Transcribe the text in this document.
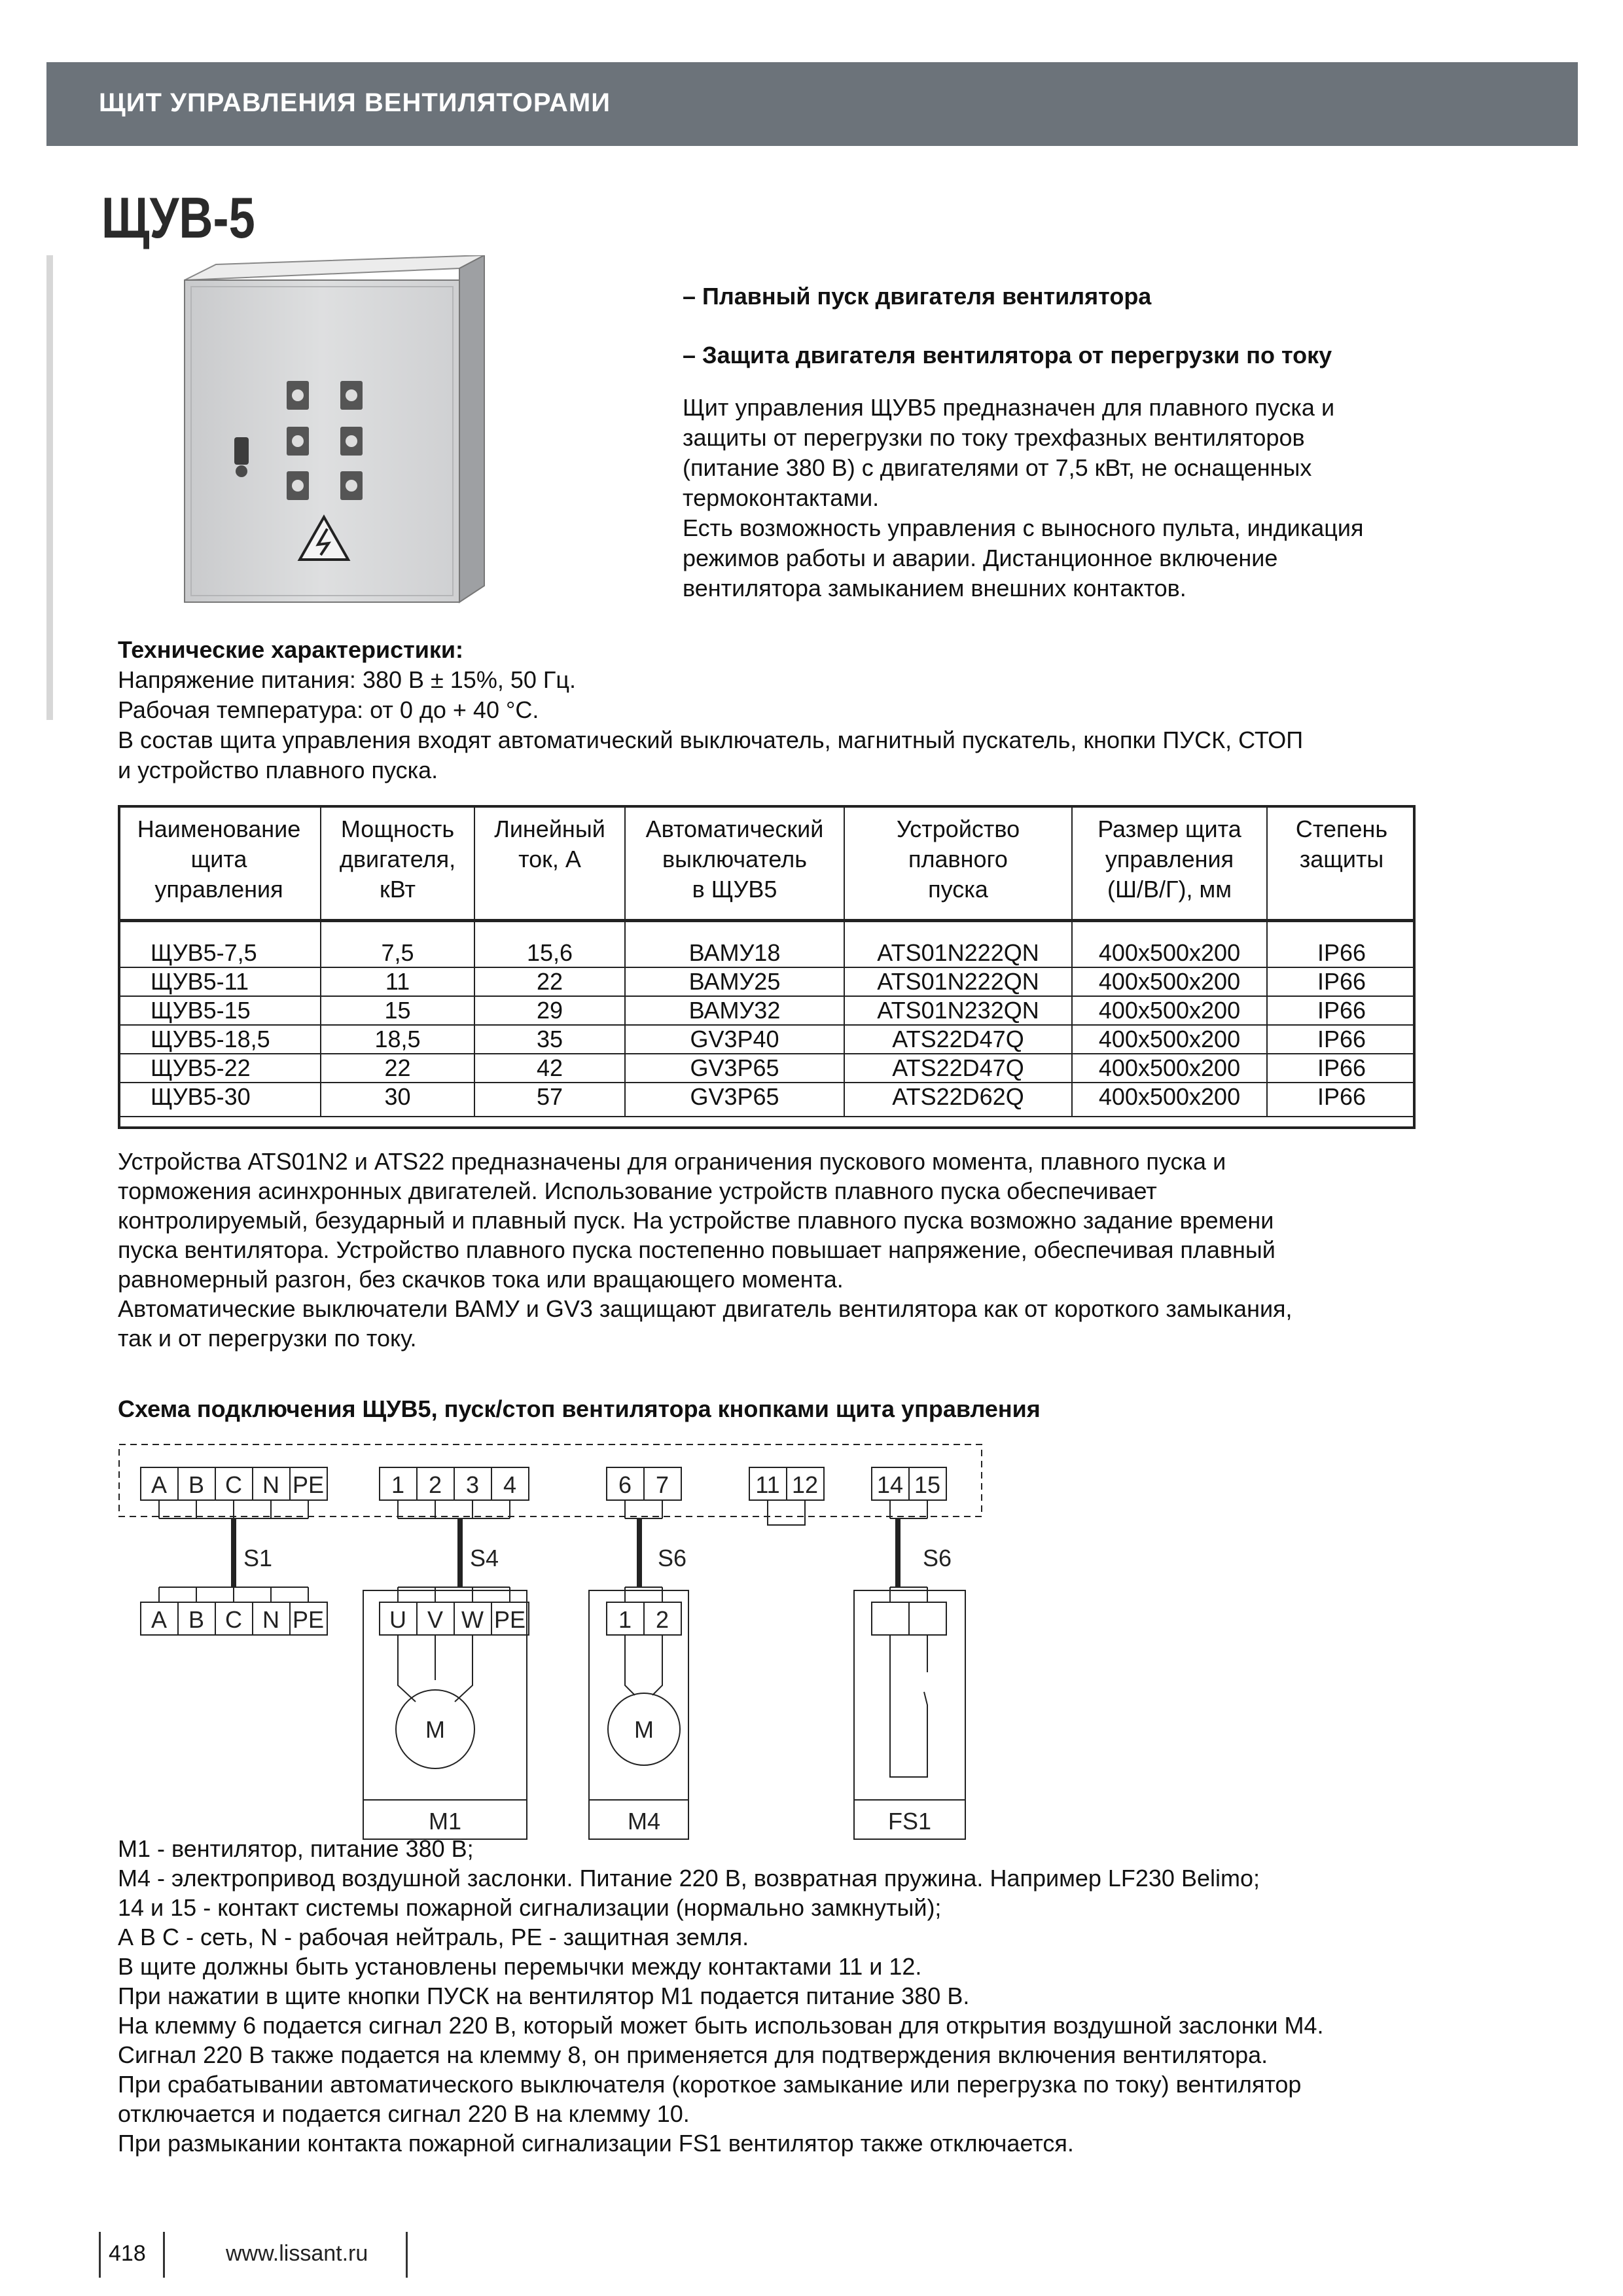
ЩИТ УПРАВЛЕНИЯ ВЕНТИЛЯТОРАМИ
ЩУВ-5
– Плавный пуск двигателя вентилятора
– Защита двигателя вентилятора от перегрузки по току

Щит управления ЩУВ5 предназначен для плавного пуска и

защиты от перегрузки по току трехфазных вентиляторов

(питание 380 В) с двигателями от 7,5 кВт, не оснащенных

термоконтактами.

Есть возможность управления с выносного пульта, индикация

режимов работы и аварии. Дистанционное включение

вентилятора замыканием внешних контактов.

Технические характеристики:

Напряжение питания: 380 В ± 15%, 50 Гц.

Рабочая температура: от 0 до + 40 °С.

В состав щита управления входят автоматический выключатель, магнитный пускатель, кнопки ПУСК, СТОП

и устройство плавного пуска.

Наименование
щита
управления	Мощность
двигателя,
кВт	Линейный
ток, А	Автоматический
выключатель
в ЩУВ5	Устройство
плавного
пуска	Размер щита
управления
(Ш/В/Г), мм	Степень
защиты
ЩУВ5-7,5	7,5	15,6	ВАМУ18	ATS01N222QN	400x500x200	IP66
ЩУВ5-11	11	22	ВАМУ25	ATS01N222QN	400x500x200	IP66
ЩУВ5-15	15	29	ВАМУ32	ATS01N232QN	400x500x200	IP66
ЩУВ5-18,5	18,5	35	GV3P40	ATS22D47Q	400x500x200	IP66
ЩУВ5-22	22	42	GV3P65	ATS22D47Q	400x500x200	IP66
ЩУВ5-30	30	57	GV3P65	ATS22D62Q	400x500x200	IP66

Устройства ATS01N2 и ATS22 предназначены для ограничения пускового момента, плавного пуска и

торможения асинхронных двигателей. Использование устройств плавного пуска обеспечивает

контролируемый, безударный и плавный пуск. На устройстве плавного пуска возможно задание времени

пуска вентилятора. Устройство плавного пуска постепенно повышает напряжение, обеспечивая плавный

равномерный разгон, без скачков тока или вращающего момента.

Автоматические выключатели ВАМУ и GV3 защищают двигатель вентилятора как от короткого замыкания,

так и от перегрузки по току.

Схема подключения ЩУВ5, пуск/стоп вентилятора кнопками щита управления
A B C N PE	1 2 3 4	6 7	11 12 14 15
S1	S4	S6	S6
A B C N PE	U V W PE
M
M1
1 2
M
M4	FS1

М1 - вентилятор, питание 380 В;

М4 - электропривод воздушной заслонки. Питание 220 В, возвратная пружина. Например LF230 Belimo;

14 и 15 - контакт системы пожарной сигнализации (нормально замкнутый);

А В С - сеть, N - рабочая нейтраль, PE - защитная земля.

В щите должны быть установлены перемычки между контактами 11 и 12.

При нажатии в щите кнопки ПУСК на вентилятор М1 подается питание 380 В.

На клемму 6 подается сигнал 220 В, который может быть использован для открытия воздушной заслонки М4.

Сигнал 220 В также подается на клемму 8, он применяется для подтверждения включения вентилятора.

При срабатывании автоматического выключателя (короткое замыкание или перегрузка по току) вентилятор

отключается и подается сигнал 220 В на клемму 10.

При размыкании контакта пожарной сигнализации FS1 вентилятор также отключается.

418	www.lissant.ru
